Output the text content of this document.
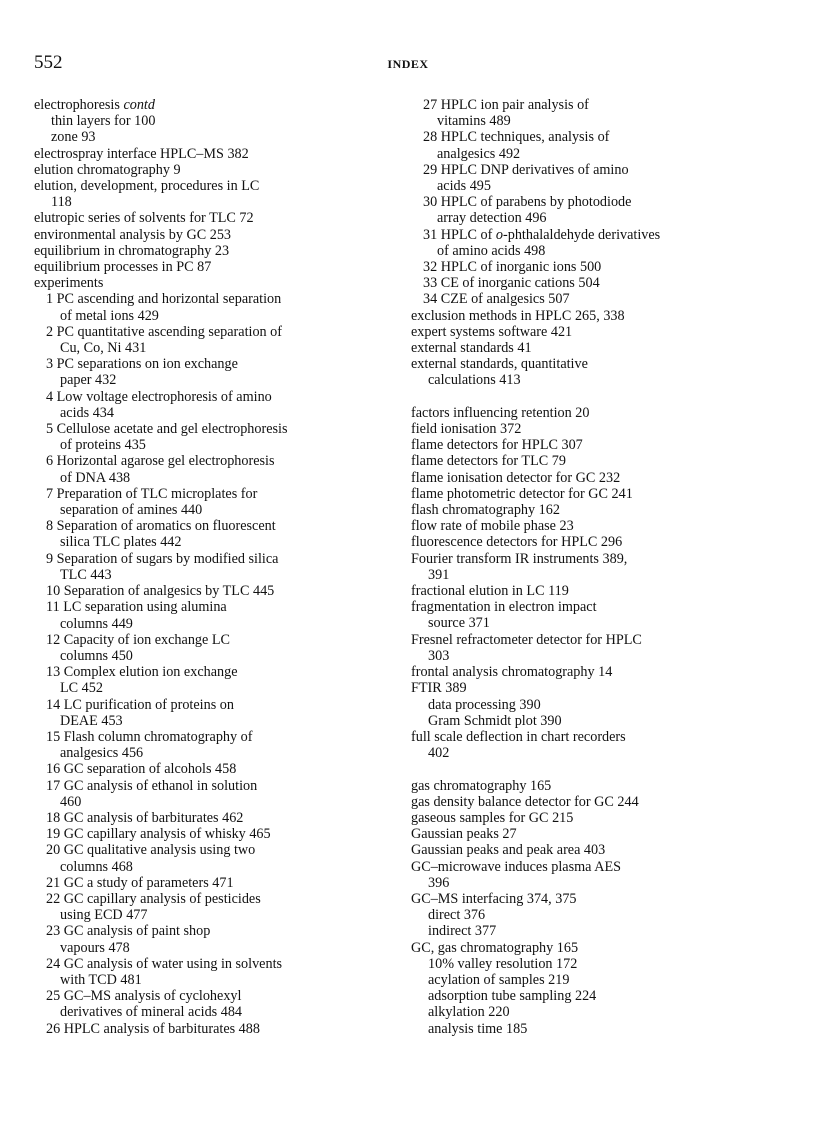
552	INDEX
electrophoresis contd
thin layers for 100
zone 93
electrospray interface HPLC–MS 382
elution chromatography 9
elution, development, procedures in LC
118
elutropic series of solvents for TLC 72
environmental analysis by GC 253
equilibrium in chromatography 23
equilibrium processes in PC 87
experiments
1 PC ascending and horizontal separation
of metal ions 429
2 PC quantitative ascending separation of
Cu, Co, Ni 431
3 PC separations on ion exchange
paper 432
4 Low voltage electrophoresis of amino
acids 434
5 Cellulose acetate and gel electrophoresis
of proteins 435
6 Horizontal agarose gel electrophoresis
of DNA 438
7 Preparation of TLC microplates for
separation of amines 440
8 Separation of aromatics on fluorescent
silica TLC plates 442
9 Separation of sugars by modified silica
TLC 443
10 Separation of analgesics by TLC 445
11 LC separation using alumina
columns 449
12 Capacity of ion exchange LC
columns 450
13 Complex elution ion exchange
LC 452
14 LC purification of proteins on
DEAE 453
15 Flash column chromatography of
analgesics 456
16 GC separation of alcohols 458
17 GC analysis of ethanol in solution
460
18 GC analysis of barbiturates 462
19 GC capillary analysis of whisky 465
20 GC qualitative analysis using two
columns 468
21 GC a study of parameters 471
22 GC capillary analysis of pesticides
using ECD 477
23 GC analysis of paint shop
vapours 478
24 GC analysis of water using in solvents
with TCD 481
25 GC–MS analysis of cyclohexyl
derivatives of mineral acids 484
26 HPLC analysis of barbiturates 488
27 HPLC ion pair analysis of
vitamins 489
28 HPLC techniques, analysis of
analgesics 492
29 HPLC DNP derivatives of amino
acids 495
30 HPLC of parabens by photodiode
array detection 496
31 HPLC of o-phthalaldehyde derivatives
of amino acids 498
32 HPLC of inorganic ions 500
33 CE of inorganic cations 504
34 CZE of analgesics 507
exclusion methods in HPLC 265, 338
expert systems software 421
external standards 41
external standards, quantitative
calculations 413
factors influencing retention 20
field ionisation 372
flame detectors for HPLC 307
flame detectors for TLC 79
flame ionisation detector for GC 232
flame photometric detector for GC 241
flash chromatography 162
flow rate of mobile phase 23
fluorescence detectors for HPLC 296
Fourier transform IR instruments 389,
391
fractional elution in LC 119
fragmentation in electron impact
source 371
Fresnel refractometer detector for HPLC
303
frontal analysis chromatography 14
FTIR 389
data processing 390
Gram Schmidt plot 390
full scale deflection in chart recorders
402
gas chromatography 165
gas density balance detector for GC 244
gaseous samples for GC 215
Gaussian peaks 27
Gaussian peaks and peak area 403
GC–microwave induces plasma AES
396
GC–MS interfacing 374, 375
direct 376
indirect 377
GC, gas chromatography 165
10% valley resolution 172
acylation of samples 219
adsorption tube sampling 224
alkylation 220
analysis time 185
